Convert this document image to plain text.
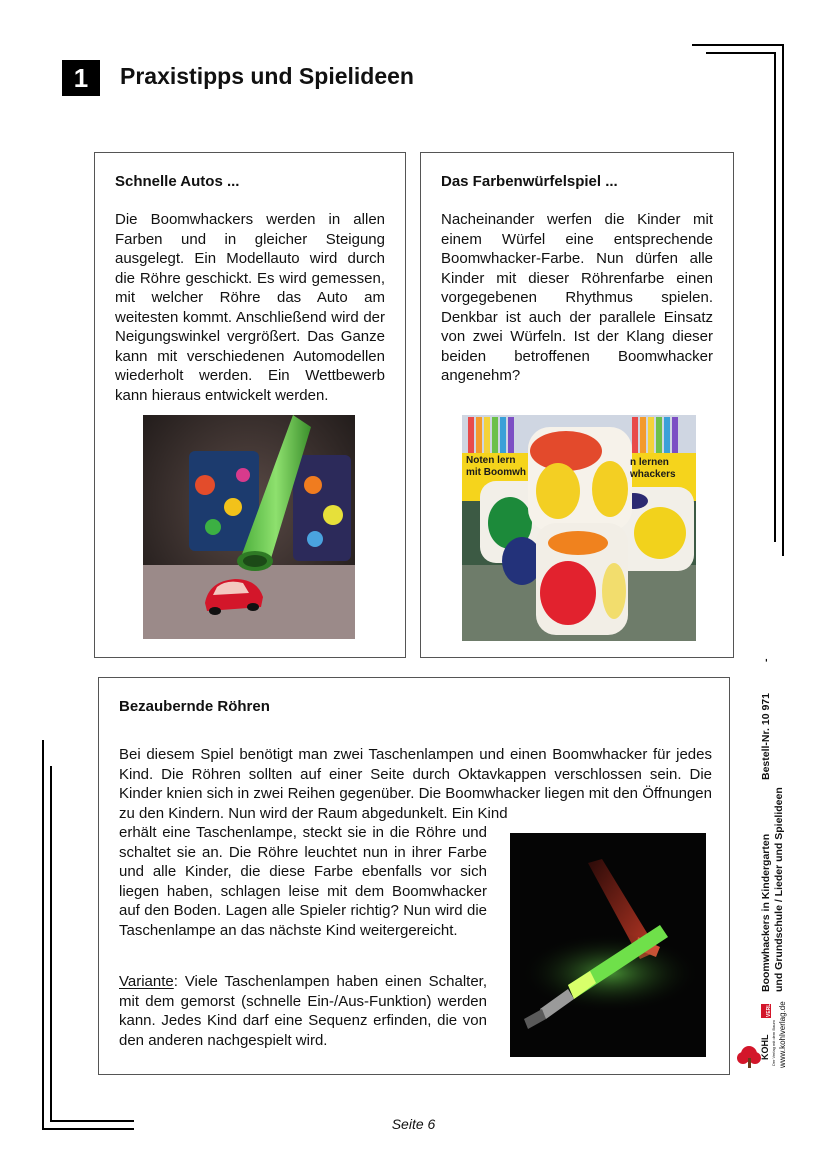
1	Praxistipps und Spielideen
Schnelle Autos ...
Die Boomwhackers werden in allen Farben und in gleicher Steigung ausgelegt. Ein Modellauto wird durch die Röhre geschickt. Es wird gemessen, mit welcher Röhre das Auto am weitesten kommt. Anschließend wird der Neigungswinkel vergrößert. Das Ganze kann mit verschiedenen Automodellen wiederholt werden. Ein Wettbewerb kann hieraus entwickelt werden.
Das Farbenwürfelspiel ...
Nacheinander werfen die Kinder mit einem Würfel eine entsprechende Boomwhacker-Farbe. Nun dürfen alle Kinder mit dieser Röhrenfarbe einen vorgegebenen Rhythmus spielen. Denkbar ist auch der parallele Einsatz von zwei Würfeln. Ist der Klang dieser beiden betroffenen Boomwhacker angenehm?
Noten lern
mit Boomwh
n lernen
whackers
Bezaubernde Röhren
Bei diesem Spiel benötigt man zwei Taschenlampen und einen Boomwhacker für jedes Kind. Die Röhren sollten auf einer Seite durch Oktavkappen verschlossen sein. Die Kinder knien sich in zwei Reihen gegenüber. Die Boomwhacker liegen mit den Öffnungen zu den Kindern. Nun wird der Raum abgedunkelt. Ein Kind
erhält eine Taschenlampe, steckt sie in die Röhre und schaltet sie an. Die Röhre leuchtet nun in ihrer Farbe und alle Kinder, die diese Farbe ebenfalls vor sich liegen haben, schlagen leise mit dem Boomwhacker auf den Boden. Lagen alle Spieler richtig? Nun wird die Taschenlampe an das nächste Kind weitergereicht.
Variante: Viele Taschenlampen haben einen Schalter, mit dem gemorst (schnelle Ein-/Aus-Funktion) werden kann. Jedes Kind darf eine Sequenz erfinden, die von den anderen nachgespielt wird.
Bestell-Nr. 10 971
-
Boomwhackers in Kindergarten und Grundschule / Lieder und Spielideen
www.kohlverlag.de
KOHL
VERLAG
Der Verlag mit dem Baum
Seite 6
